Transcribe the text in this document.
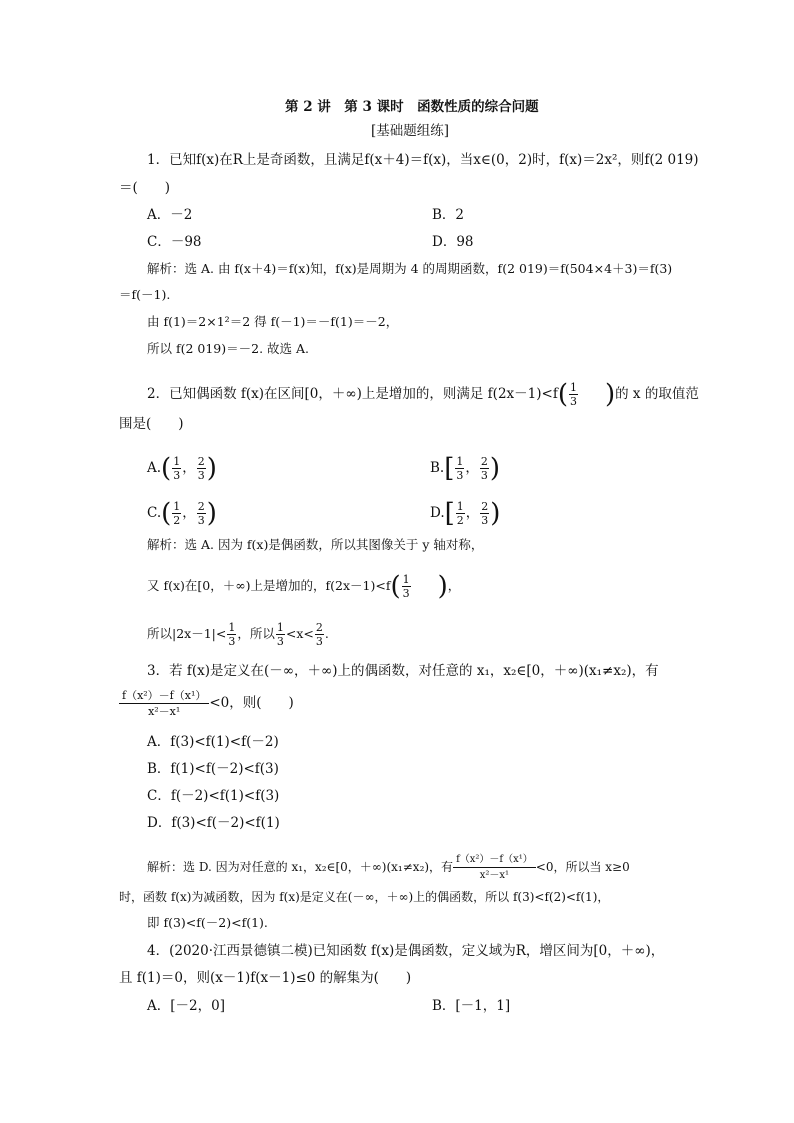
第 2 讲　第 3 课时　函数性质的综合问题
[基础题组练]
1．已知f(x)在R上是奇函数，且满足f(x＋4)＝f(x)，当x∈(0，2)时，f(x)＝2x²，则f(2 019)
＝(　　)
A．－2	B．2
C．－98	D．98
解析：选 A. 由 f(x＋4)＝f(x)知，f(x)是周期为 4 的周期函数，f(2 019)＝f(504×4＋3)＝f(3)
＝f(－1).
由 f(1)＝2×1²＝2 得 f(－1)＝－f(1)＝－2，
所以 f(2 019)＝－2. 故选 A.
2．已知偶函数 f(x)在区间[0，＋∞)上是增加的，则满足 $f(2x-1)<f( \frac{1}{3}$ )的 x 的取值范
围是(　　)
$A.( \frac{1}{3}$ ， $\frac{2}{3}$ )	$B.[ \frac{1}{3}$ ， $\frac{2}{3}$ )
$C.( \frac{1}{2}$ ， $\frac{2}{3}$ )	$D.[ \frac{1}{2}$ ， $\frac{2}{3}$ )
解析：选 A. 因为 f(x)是偶函数，所以其图像关于 y 轴对称，
又 f(x)在[0，＋∞)上是增加的，$f(2x-1)<f( \frac{1}{3}$ )，
所以$|2x-1|< \frac{1}{3}$ ，所以 $\frac{1}{3} <x< \frac{2}{3}$ .
3．若 f(x)是定义在(－∞，＋∞)上的偶函数，对任意的 x₁，x₂∈[0，＋∞)(x₁≠x₂)，有
$\frac{\text{f（x²）－f（x¹）}}{\text{x²－x¹}} <0$，则(　　)
A．f(3)<f(1)<f(－2)
B．f(1)<f(－2)<f(3)
C．f(－2)<f(1)<f(3)
D．f(3)<f(－2)<f(1)
解析：选 D. 因为对任意的 x₁，x₂∈[0，＋∞)(x₁≠x₂)，有 $\frac{\text{f（x²）－f（x¹）}}{\text{x²－x¹}} <0$，所以当 x≥0
时，函数 f(x)为减函数，因为 f(x)是定义在(－∞，＋∞)上的偶函数，所以 f(3)<f(2)<f(1)，
即 f(3)<f(－2)<f(1).
4．(2020·江西景德镇二模)已知函数 f(x)是偶函数，定义域为R，增区间为[0，＋∞)，
且 f(1)＝0，则(x－1)f(x－1)≤0 的解集为(　　)
A．[－2，0]	B．[－1，1]
